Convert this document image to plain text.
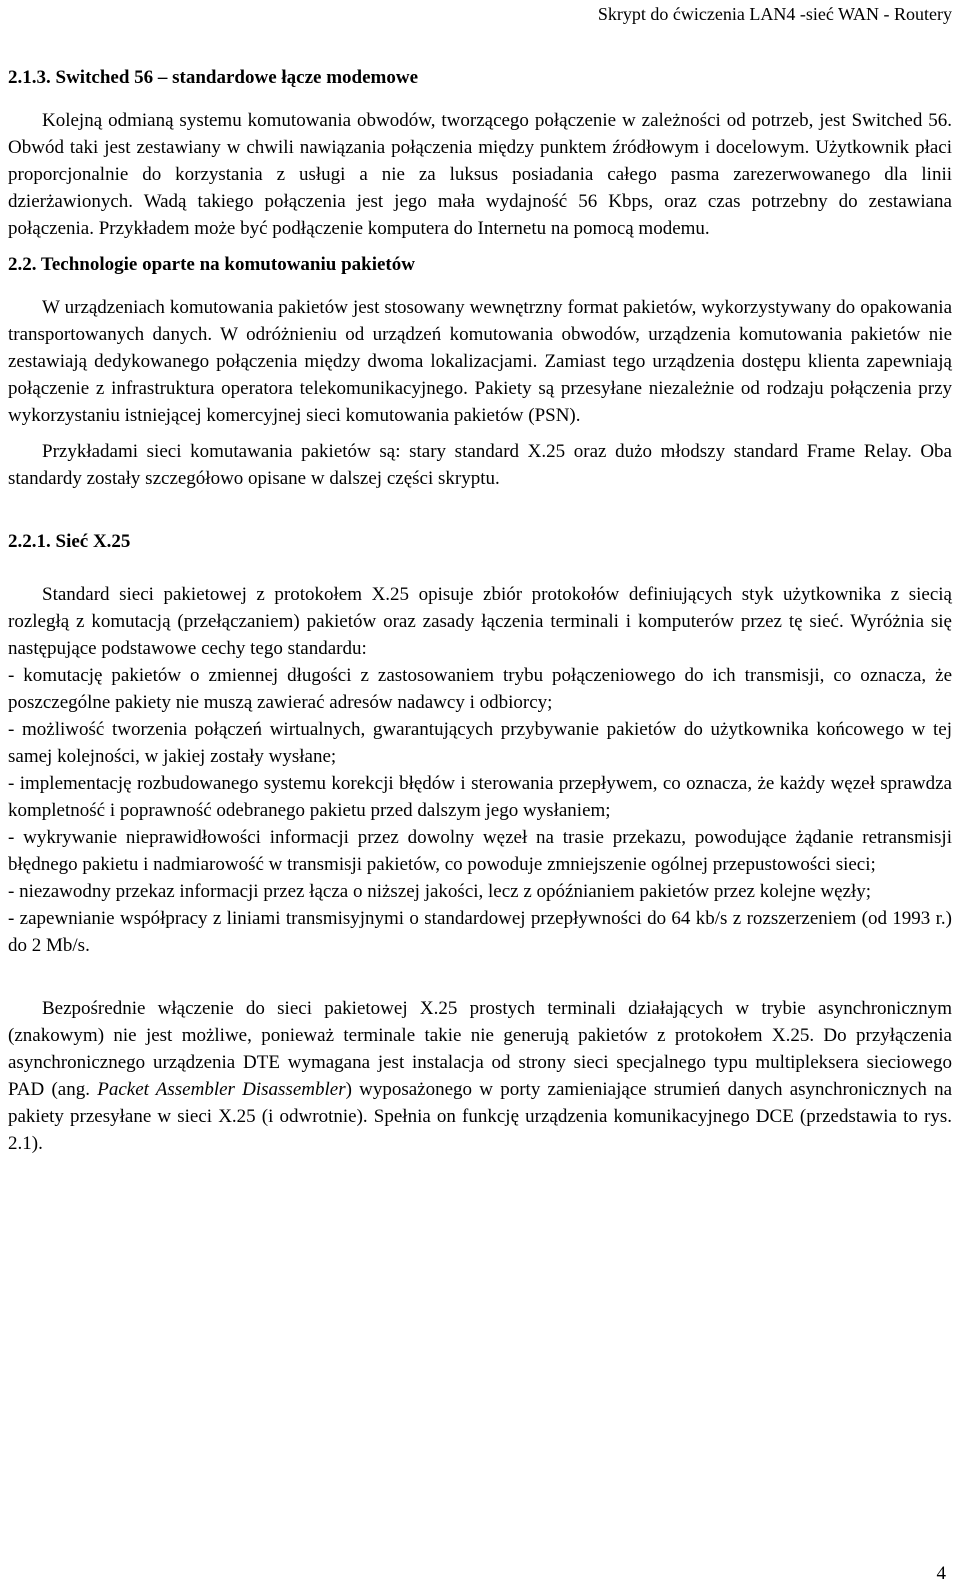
Skrypt do ćwiczenia LAN4 -sieć WAN - Routery
2.1.3. Switched 56 – standardowe łącze modemowe

Kolejną odmianą systemu komutowania obwodów, tworzącego połączenie w zależności od potrzeb, jest Switched 56. Obwód taki jest zestawiany w chwili nawiązania połączenia między punktem źródłowym i docelowym. Użytkownik płaci proporcjonalnie do korzystania z usługi a nie za luksus posiadania całego pasma zarezerwowanego dla linii dzierżawionych. Wadą takiego połączenia jest jego mała wydajność 56 Kbps, oraz czas potrzebny do zestawiana połączenia. Przykładem może być podłączenie komputera do Internetu na pomocą modemu.

2.2. Technologie oparte na komutowaniu pakietów

W urządzeniach komutowania pakietów jest stosowany wewnętrzny format pakietów, wykorzystywany do opakowania transportowanych danych. W odróżnieniu od urządzeń komutowania obwodów, urządzenia komutowania pakietów nie zestawiają dedykowanego połączenia między dwoma lokalizacjami. Zamiast tego urządzenia dostępu klienta zapewniają połączenie z infrastruktura operatora telekomunikacyjnego. Pakiety są przesyłane niezależnie od rodzaju połączenia przy wykorzystaniu istniejącej komercyjnej sieci komutowania pakietów (PSN).

Przykładami sieci komutawania pakietów są: stary standard X.25 oraz dużo młodszy standard Frame Relay. Oba standardy zostały szczegółowo opisane w dalszej części skryptu.

2.2.1. Sieć X.25

Standard sieci pakietowej z protokołem X.25 opisuje zbiór protokołów definiujących styk użytkownika z siecią rozległą z komutacją (przełączaniem) pakietów oraz zasady łączenia terminali i komputerów przez tę sieć. Wyróżnia się następujące podstawowe cechy tego standardu:

- komutację pakietów o zmiennej długości z zastosowaniem trybu połączeniowego do ich transmisji, co oznacza, że poszczególne pakiety nie muszą zawierać adresów nadawcy i odbiorcy;

- możliwość tworzenia połączeń wirtualnych, gwarantujących przybywanie pakietów do użytkownika końcowego w tej samej kolejności, w jakiej zostały wysłane;

- implementację rozbudowanego systemu korekcji błędów i sterowania przepływem, co oznacza, że każdy węzeł sprawdza kompletność i poprawność odebranego pakietu przed dalszym jego wysłaniem;

- wykrywanie nieprawidłowości informacji przez dowolny węzeł na trasie przekazu, powodujące żądanie retransmisji błędnego pakietu i nadmiarowość w transmisji pakietów, co powoduje zmniejszenie ogólnej przepustowości sieci;

- niezawodny przekaz informacji przez łącza o niższej jakości, lecz z opóźnianiem pakietów przez kolejne węzły;

- zapewnianie współpracy z liniami transmisyjnymi o standardowej przepływności do 64 kb/s z rozszerzeniem (od 1993 r.) do 2 Mb/s.

Bezpośrednie włączenie do sieci pakietowej X.25 prostych terminali działających w trybie asynchronicznym (znakowym) nie jest możliwe, ponieważ terminale takie nie generują pakietów z protokołem X.25. Do przyłączenia asynchronicznego urządzenia DTE wymagana jest instalacja od strony sieci specjalnego typu multipleksera sieciowego PAD (ang. Packet Assembler Disassembler) wyposażonego w porty zamieniające strumień danych asynchronicznych na pakiety przesyłane w sieci X.25 (i odwrotnie). Spełnia on funkcję urządzenia komunikacyjnego DCE (przedstawia to rys. 2.1).

4
